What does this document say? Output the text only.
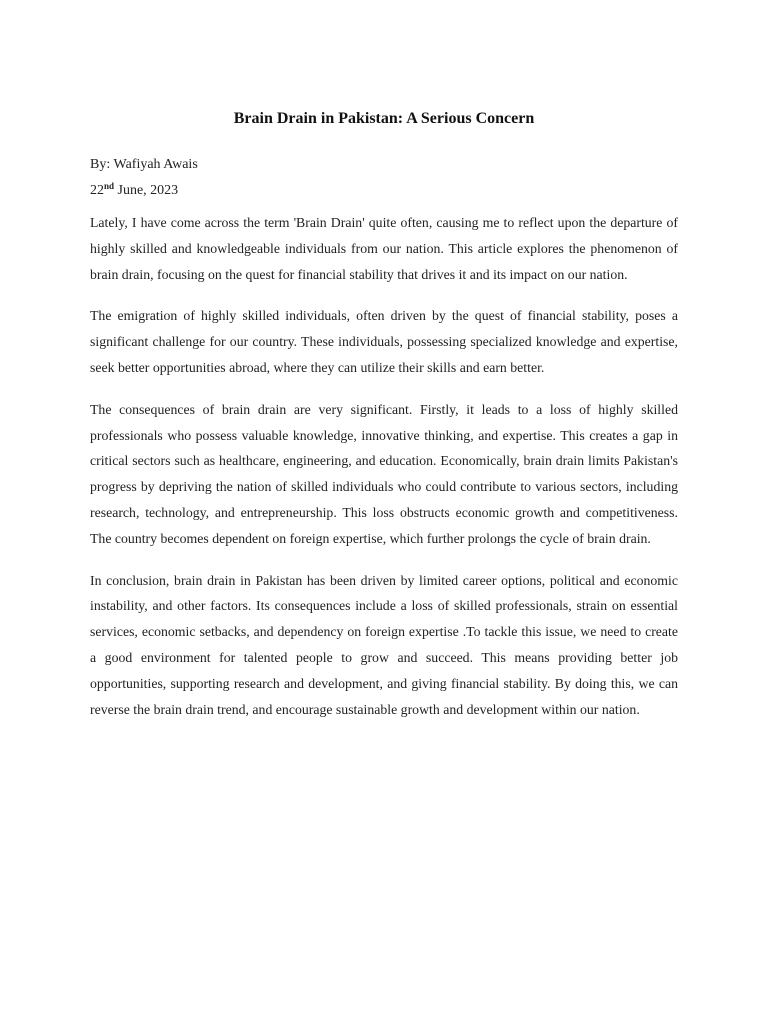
Brain Drain in Pakistan: A Serious Concern

By: Wafiyah Awais

22nd June, 2023

Lately, I have come across the term 'Brain Drain' quite often, causing me to reflect upon the departure of highly skilled and knowledgeable individuals from our nation. This article explores the phenomenon of brain drain, focusing on the quest for financial stability that drives it and its impact on our nation.

The emigration of highly skilled individuals, often driven by the quest of financial stability, poses a significant challenge for our country. These individuals, possessing specialized knowledge and expertise, seek better opportunities abroad, where they can utilize their skills and earn better.

The consequences of brain drain are very significant. Firstly, it leads to a loss of highly skilled professionals who possess valuable knowledge, innovative thinking, and expertise. This creates a gap in critical sectors such as healthcare, engineering, and education. Economically, brain drain limits Pakistan's progress by depriving the nation of skilled individuals who could contribute to various sectors, including research, technology, and entrepreneurship. This loss obstructs economic growth and competitiveness. The country becomes dependent on foreign expertise, which further prolongs the cycle of brain drain.

In conclusion, brain drain in Pakistan has been driven by limited career options, political and economic instability, and other factors. Its consequences include a loss of skilled professionals, strain on essential services, economic setbacks, and dependency on foreign expertise .To tackle this issue, we need to create a good environment for talented people to grow and succeed. This means providing better job opportunities, supporting research and development, and giving financial stability. By doing this, we can reverse the brain drain trend, and encourage sustainable growth and development within our nation.
